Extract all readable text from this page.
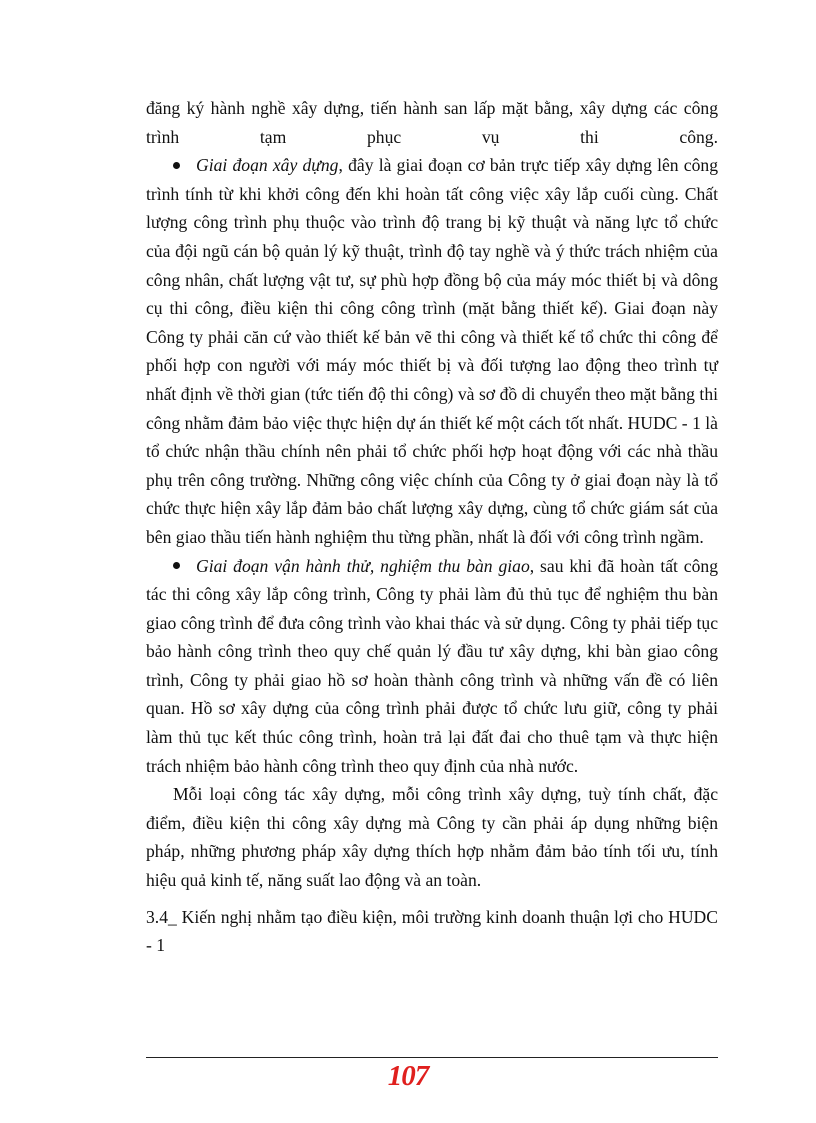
đăng ký hành nghề xây dựng, tiến hành san lấp mặt bằng, xây dựng các công trình tạm phục vụ thi công.

Giai đoạn xây dựng, đây là giai đoạn cơ bản trực tiếp xây dựng lên công trình tính từ khi khởi công đến khi hoàn tất công việc xây lắp cuối cùng. Chất lượng công trình phụ thuộc vào trình độ trang bị kỹ thuật và năng lực tổ chức của đội ngũ cán bộ quản lý kỹ thuật, trình độ tay nghề và ý thức trách nhiệm của công nhân, chất lượng vật tư, sự phù hợp đồng bộ của máy móc thiết bị và dông cụ thi công, điều kiện thi công công trình (mặt bằng thiết kế). Giai đoạn này Công ty phải căn cứ vào thiết kế bản vẽ thi công và thiết kế tổ chức thi công để phối hợp con người với máy móc thiết bị và đối tượng lao động theo trình tự nhất định về thời gian (tức tiến độ thi công) và sơ đồ di chuyển theo mặt bằng thi công nhằm đảm bảo việc thực hiện dự án thiết kế một cách tốt nhất. HUDC - 1 là tổ chức nhận thầu chính nên phải tổ chức phối hợp hoạt động với các nhà thầu phụ trên công trường. Những công việc chính của Công ty ở giai đoạn này là tổ chức thực hiện xây lắp đảm bảo chất lượng xây dựng, cùng tổ chức giám sát của bên giao thầu tiến hành nghiệm thu từng phần, nhất là đối với công trình ngầm.

Giai đoạn vận hành thử, nghiệm thu bàn giao, sau khi đã hoàn tất công tác thi công xây lắp công trình, Công ty phải làm đủ thủ tục để nghiệm thu bàn giao công trình để đưa công trình vào khai thác và sử dụng. Công ty phải tiếp tục bảo hành công trình theo quy chế quản lý đầu tư xây dựng, khi bàn giao công trình, Công ty phải giao hồ sơ hoàn thành công trình và những vấn đề có liên quan. Hồ sơ xây dựng của công trình phải được tổ chức lưu giữ, công ty phải làm thủ tục kết thúc công trình, hoàn trả lại đất đai cho thuê tạm và thực hiện trách nhiệm bảo hành công trình theo quy định của nhà nước.

Mỗi loại công tác xây dựng, mỗi công trình xây dựng, tuỳ tính chất, đặc điểm, điều kiện thi công xây dựng mà Công ty cần phải áp dụng những biện pháp, những phương pháp xây dựng thích hợp nhằm đảm bảo tính tối ưu, tính hiệu quả kinh tế, năng suất lao động và an toàn.

3.4_ Kiến nghị nhằm tạo điều kiện, môi trường kinh doanh thuận lợi cho HUDC - 1

107
